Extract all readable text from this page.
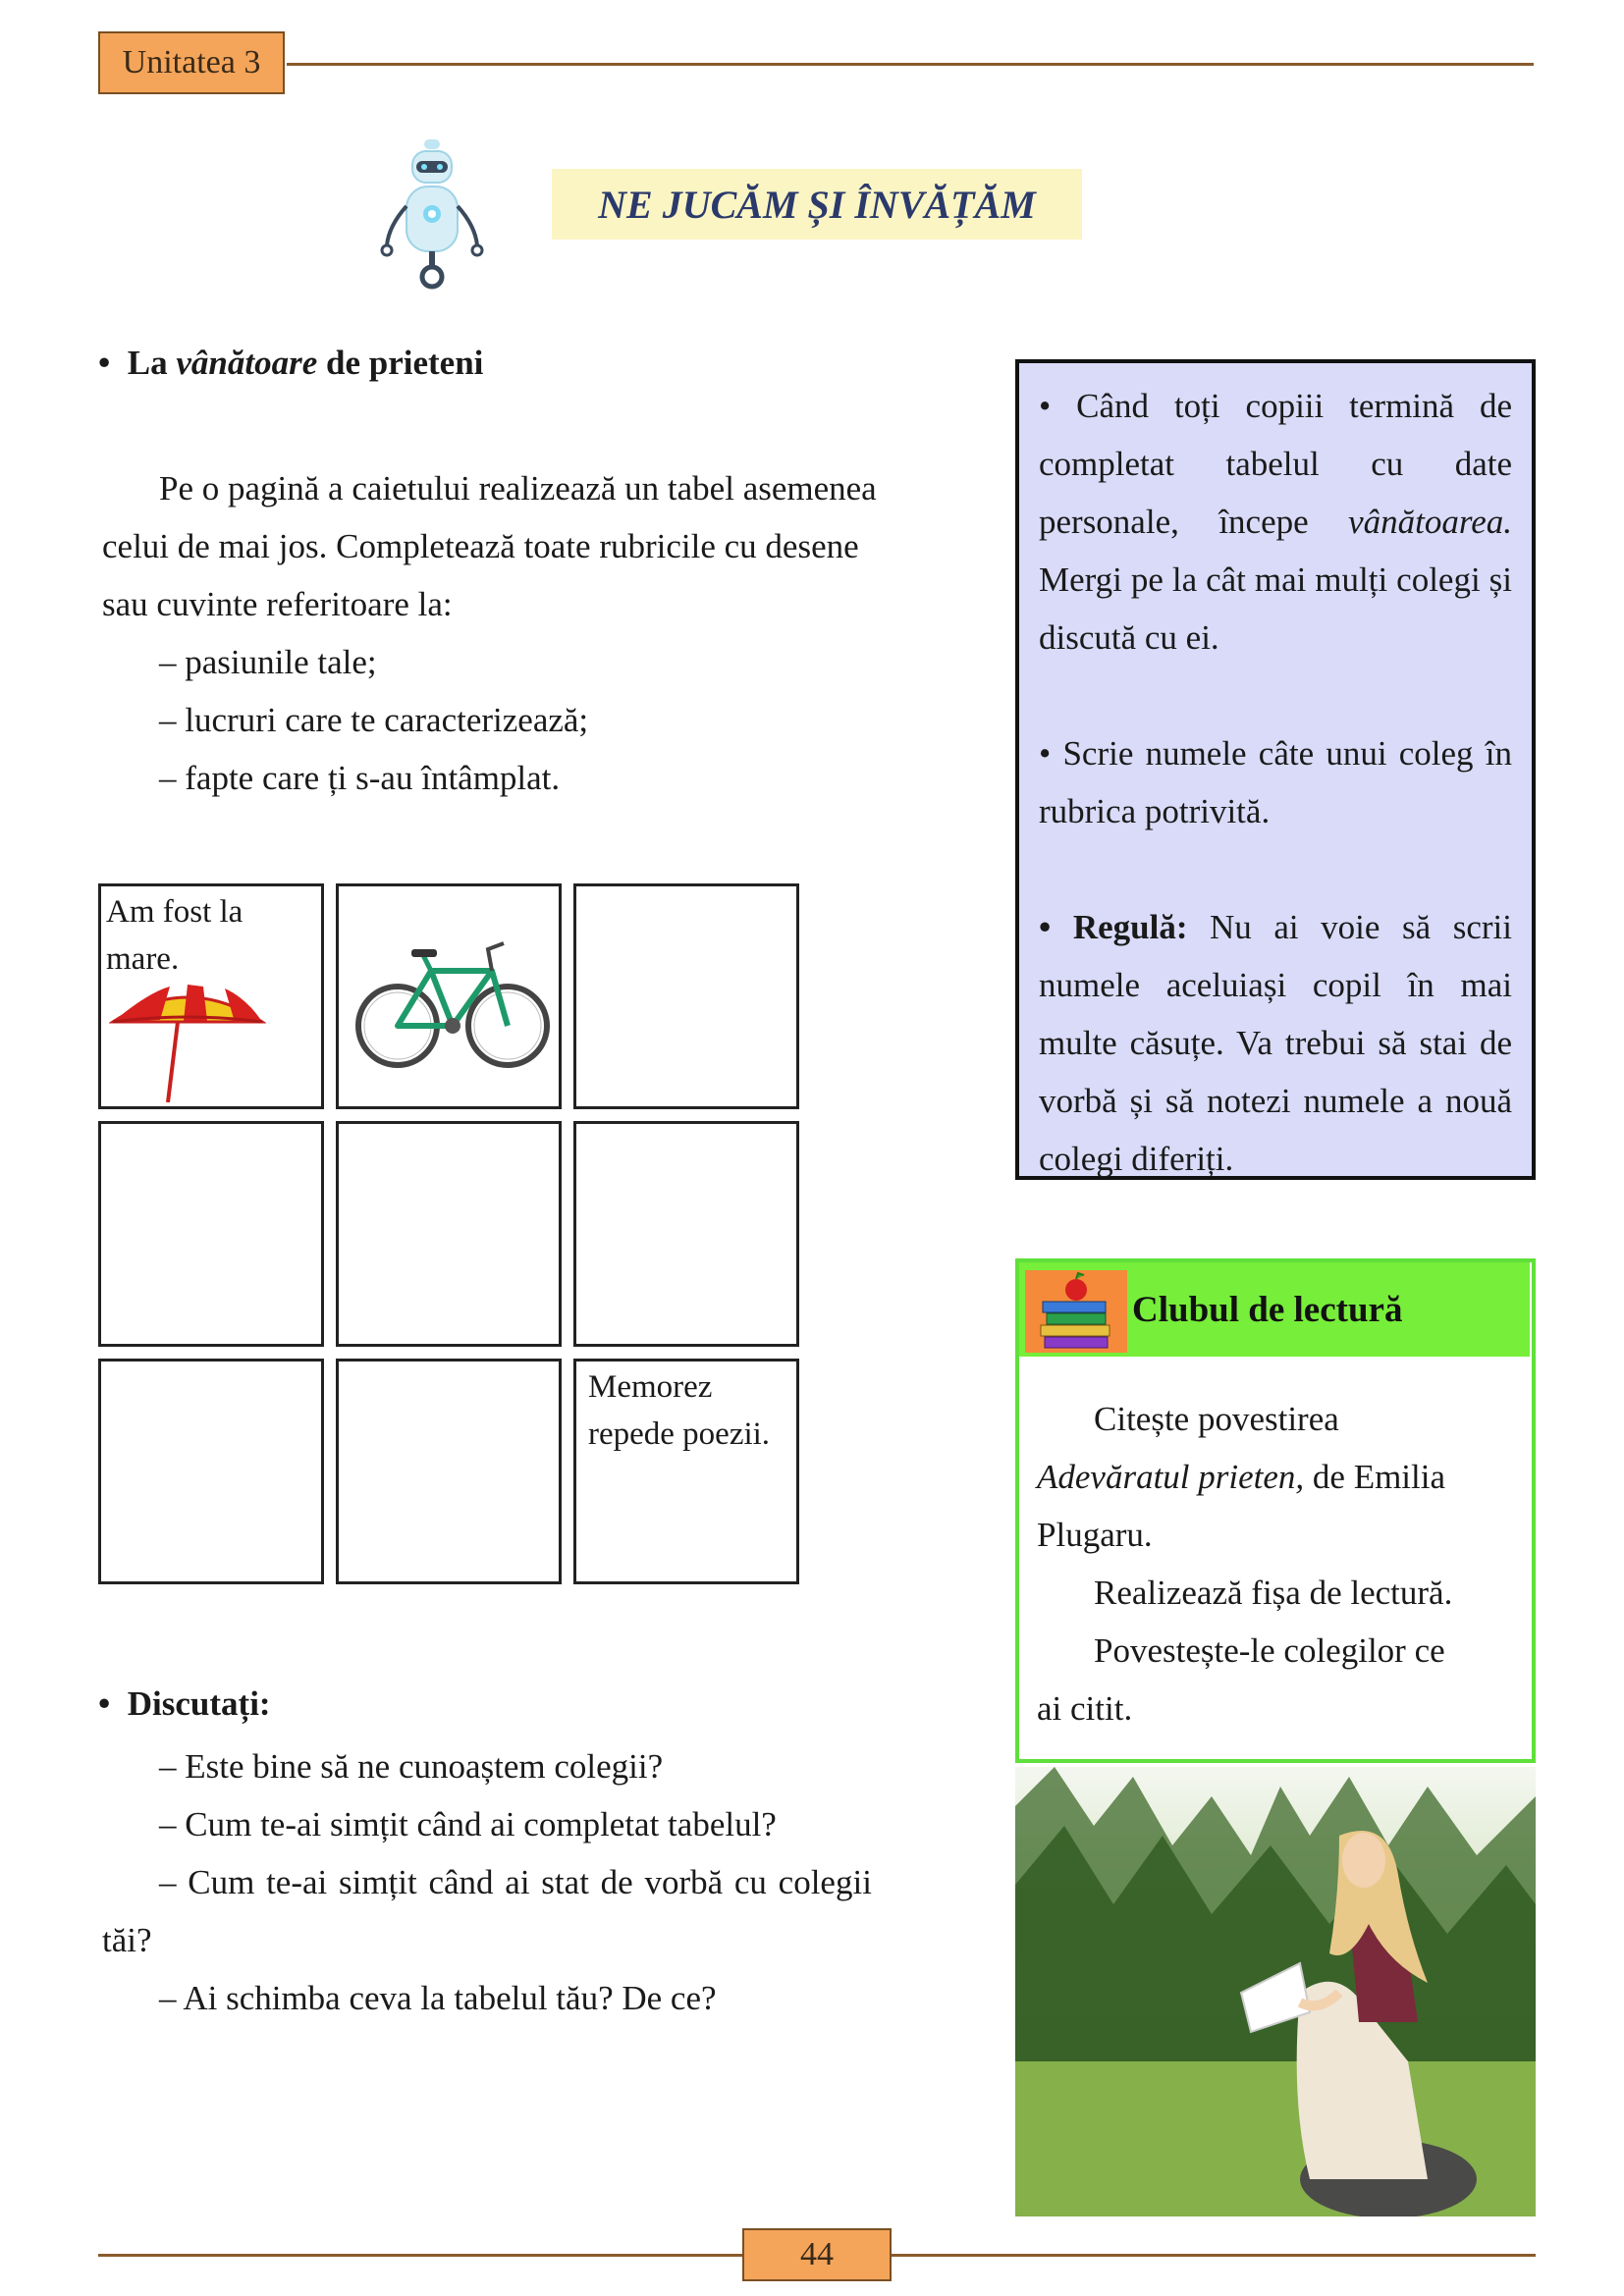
Unitatea 3
NE JUCĂM ȘI ÎNVĂȚĂM
•  La vânătoare de prieteni
Pe o pagină a caietului realizează un tabel asemenea
celui de mai jos. Completează toate rubricile cu desene
sau cuvinte referitoare la:
– pasiunile tale;
– lucruri care te caracterizează;
– fapte care ți s-au întâmplat.
Am fost la
mare.
Memorez
repede poezii.

• Când toți copiii termină de completat tabelul cu date personale, începe vânătoarea. Mergi pe la cât mai mulți colegi și discută cu ei.

• Scrie numele câte unui coleg în rubrica potrivită.

• Regulă: Nu ai voie să scrii numele aceluiași copil în mai multe căsuțe. Va trebui să stai de vorbă și să notezi numele a nouă colegi diferiți.

Clubul de lectură
Citește povestirea
Adevăratul prieten, de Emilia
Plugaru.
Realizează fișa de lectură.
Povestește-le colegilor ce
ai citit.
•  Discutați:
– Este bine să ne cunoaștem colegii?
– Cum te-ai simțit când ai completat tabelul?
– Cum te-ai simțit când ai stat de vorbă cu colegii
tăi?
– Ai schimba ceva la tabelul tău? De ce?
44
